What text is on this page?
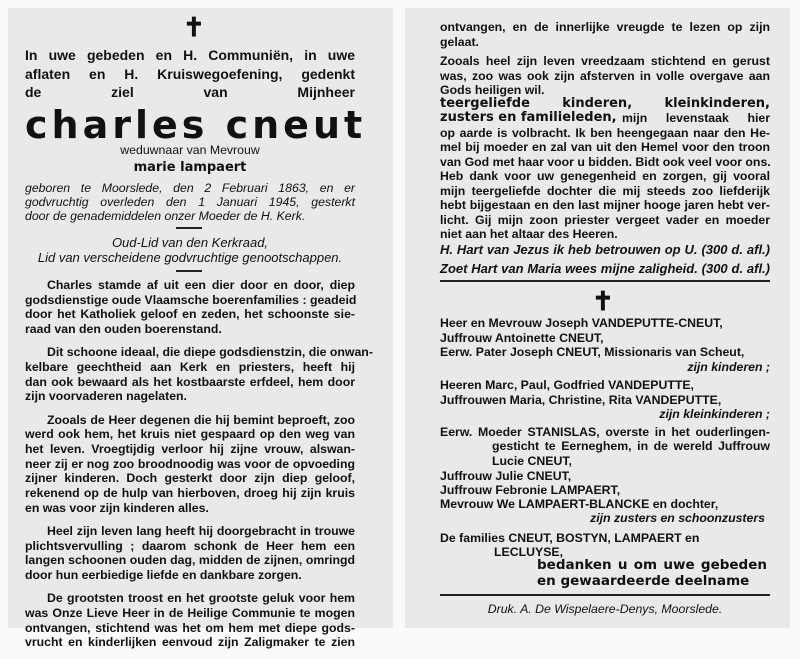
✝
In uwe gebeden en H. Communiën, in uwe
aflaten en H. Kruiswegoefening, gedenkt
de ziel van Mijnheer
charles cneut
weduwnaar van Mevrouw
marie lampaert
geboren te Moorslede, den 2 Februari 1863, en er
godvruchtig overleden den 1 Januari 1945, gesterkt
door de genademiddelen onzer Moeder de H. Kerk.
Oud-Lid van den Kerkraad,
Lid van verscheidene godvruchtige genootschappen.
Charles stamde af uit een dier door en door, diep
godsdienstige oude Vlaamsche boerenfamilies : geadeid
door het Katholiek geloof en zeden, het schoonste sie-
raad van den ouden boerenstand.
Dit schoone ideaal, die diepe godsdienstzin, die onwan-
kelbare geechtheid aan Kerk en priesters, heeft hij
dan ook bewaard als het kostbaarste erfdeel, hem door
zijn voorvaderen nagelaten.
Zooals de Heer degenen die hij bemint beproeft, zoo
werd ook hem, het kruis niet gespaard op den weg van
het leven. Vroegtijdig verloor hij zijne vrouw, alswan-
neer zij er nog zoo broodnoodig was voor de opvoeding
zijner kinderen. Doch gesterkt door zijn diep geloof,
rekenend op de hulp van hierboven, droeg hij zijn kruis
en was voor zijn kinderen alles.
Heel zijn leven lang heeft hij doorgebracht in trouwe
plichtsvervulling ; daarom schonk de Heer hem een
langen schoonen ouden dag, midden de zijnen, omringd
door hun eerbiedige liefde en dankbare zorgen.
De grootsten troost en het grootste geluk voor hem
was Onze Lieve Heer in de Heilige Communie te mogen
ontvangen, stichtend was het om hem met diepe gods-
vrucht en kinderlijken eenvoud zijn Zaligmaker te zien
ontvangen, en de innerlijke vreugde te lezen op zijn
gelaat.
Zooals heel zijn leven vreedzaam stichtend en gerust
was, zoo was ook zijn afsterven in volle overgave aan
Gods heiligen wil.
teergeliefde kinderen, kleinkinderen,
zusters en familieleden, mijn levenstaak hier
op aarde is volbracht. Ik ben heengegaan naar den He-
mel bij moeder en zal van uit den Hemel voor den troon
van God met haar voor u bidden. Bidt ook veel voor ons.
Heb dank voor uw genegenheid en zorgen, gij vooral
mijn teergeliefde dochter die mij steeds zoo liefderijk
hebt bijgestaan en den last mijner hooge jaren hebt ver-
licht. Gij mijn zoon priester vergeet vader en moeder
niet aan het altaar des Heeren.
H. Hart van Jezus ik heb betrouwen op U. (300 d. afl.)
Zoet Hart van Maria wees mijne zaligheid. (300 d. afl.)
✝
Heer en Mevrouw Joseph VANDEPUTTE-CNEUT,
Juffrouw Antoinette CNEUT,
Eerw. Pater Joseph CNEUT, Missionaris van Scheut,
zijn kinderen ;
Heeren Marc, Paul, Godfried VANDEPUTTE,
Juffrouwen Maria, Christine, Rita VANDEPUTTE,
zijn kleinkinderen ;
Eerw. Moeder STANISLAS, overste in het ouderlingen-
gesticht te Eerneghem, in de wereld Juffrouw
Lucie CNEUT,
Juffrouw Julie CNEUT,
Juffrouw Febronie LAMPAERT,
Mevrouw We LAMPAERT-BLANCKE en dochter,
zijn zusters en schoonzusters
De families CNEUT, BOSTYN, LAMPAERT en
LECLUYSE,
bedanken u om uwe gebeden
en gewaardeerde deelname
Druk. A. De Wispelaere-Denys, Moorslede.
